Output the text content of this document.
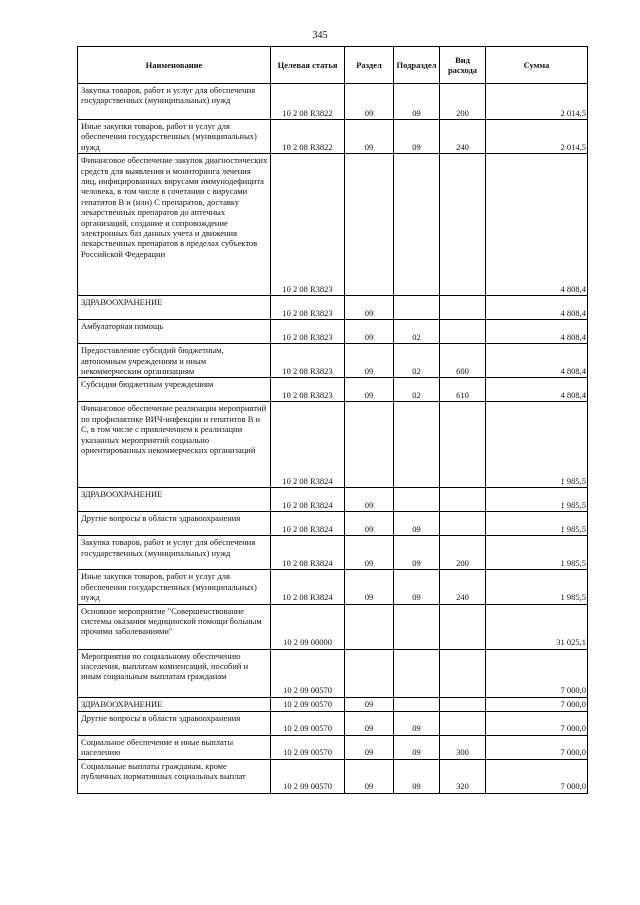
345
Наименование	Целевая статья	Раздел	Подраздел	Вид расхода	Сумма
Закупка товаров, работ и услуг для обеспечения государственных (муниципальных) нужд	10 2 08 R3822	09	09	200	2 014,5
Иные закупки товаров, работ и услуг для обеспечения государственных (муниципальных) нужд	10 2 08 R3822	09	09	240	2 014,5
Финансовое обеспечение закупок диагностических средств для выявления и мониторинга лечения лиц, инфицированных вирусами иммунодефицита человека, в том числе в сочетании с вирусами гепатитов В и (или) С препаратов, доставку лекарственных препаратов до аптечных организаций, создание и сопровождение электронных баз данных учета и движения лекарственных препаратов в пределах субъектов Российской Федерации	10 2 08 R3823				4 808,4
ЗДРАВООХРАНЕНИЕ	10 2 08 R3823	09			4 808,4
Амбулаторная помощь	10 2 08 R3823	09	02		4 808,4
Предоставление субсидий бюджетным, автономным учреждениям и иным некоммерческим организациям	10 2 08 R3823	09	02	600	4 808,4
Субсидии бюджетным учреждениям	10 2 08 R3823	09	02	610	4 808,4
Финансовое обеспечение реализации мероприятий по профилактике ВИЧ-инфекции и гепатитов В и С, в том числе с привлечением к реализации указанных мероприятий социально ориентированных некоммерческих организаций	10 2 08 R3824				1 985,5
ЗДРАВООХРАНЕНИЕ	10 2 08 R3824	09			1 985,5
Другие вопросы в области здравоохранения	10 2 08 R3824	09	09		1 985,5
Закупка товаров, работ и услуг для обеспечения государственных (муниципальных) нужд	10 2 08 R3824	09	09	200	1 985,5
Иные закупки товаров, работ и услуг для обеспечения государственных (муниципальных) нужд	10 2 08 R3824	09	09	240	1 985,5
Основное мероприятие "Совершенствование системы оказания медицинской помощи больным прочими заболеваниями"	10 2 09 00000				31 025,1
Мероприятия по социальному обеспечению населения, выплатам компенсаций, пособий и иным социальным выплатам гражданам	10 2 09 00570				7 000,0
ЗДРАВООХРАНЕНИЕ	10 2 09 00570	09			7 000,0
Другие вопросы в области здравоохранения	10 2 09 00570	09	09		7 000,0
Социальное обеспечение и иные выплаты населению	10 2 09 00570	09	09	300	7 000,0
Социальные выплаты гражданам, кроме публичных нормативных социальных выплат	10 2 09 00570	09	09	320	7 000,0
